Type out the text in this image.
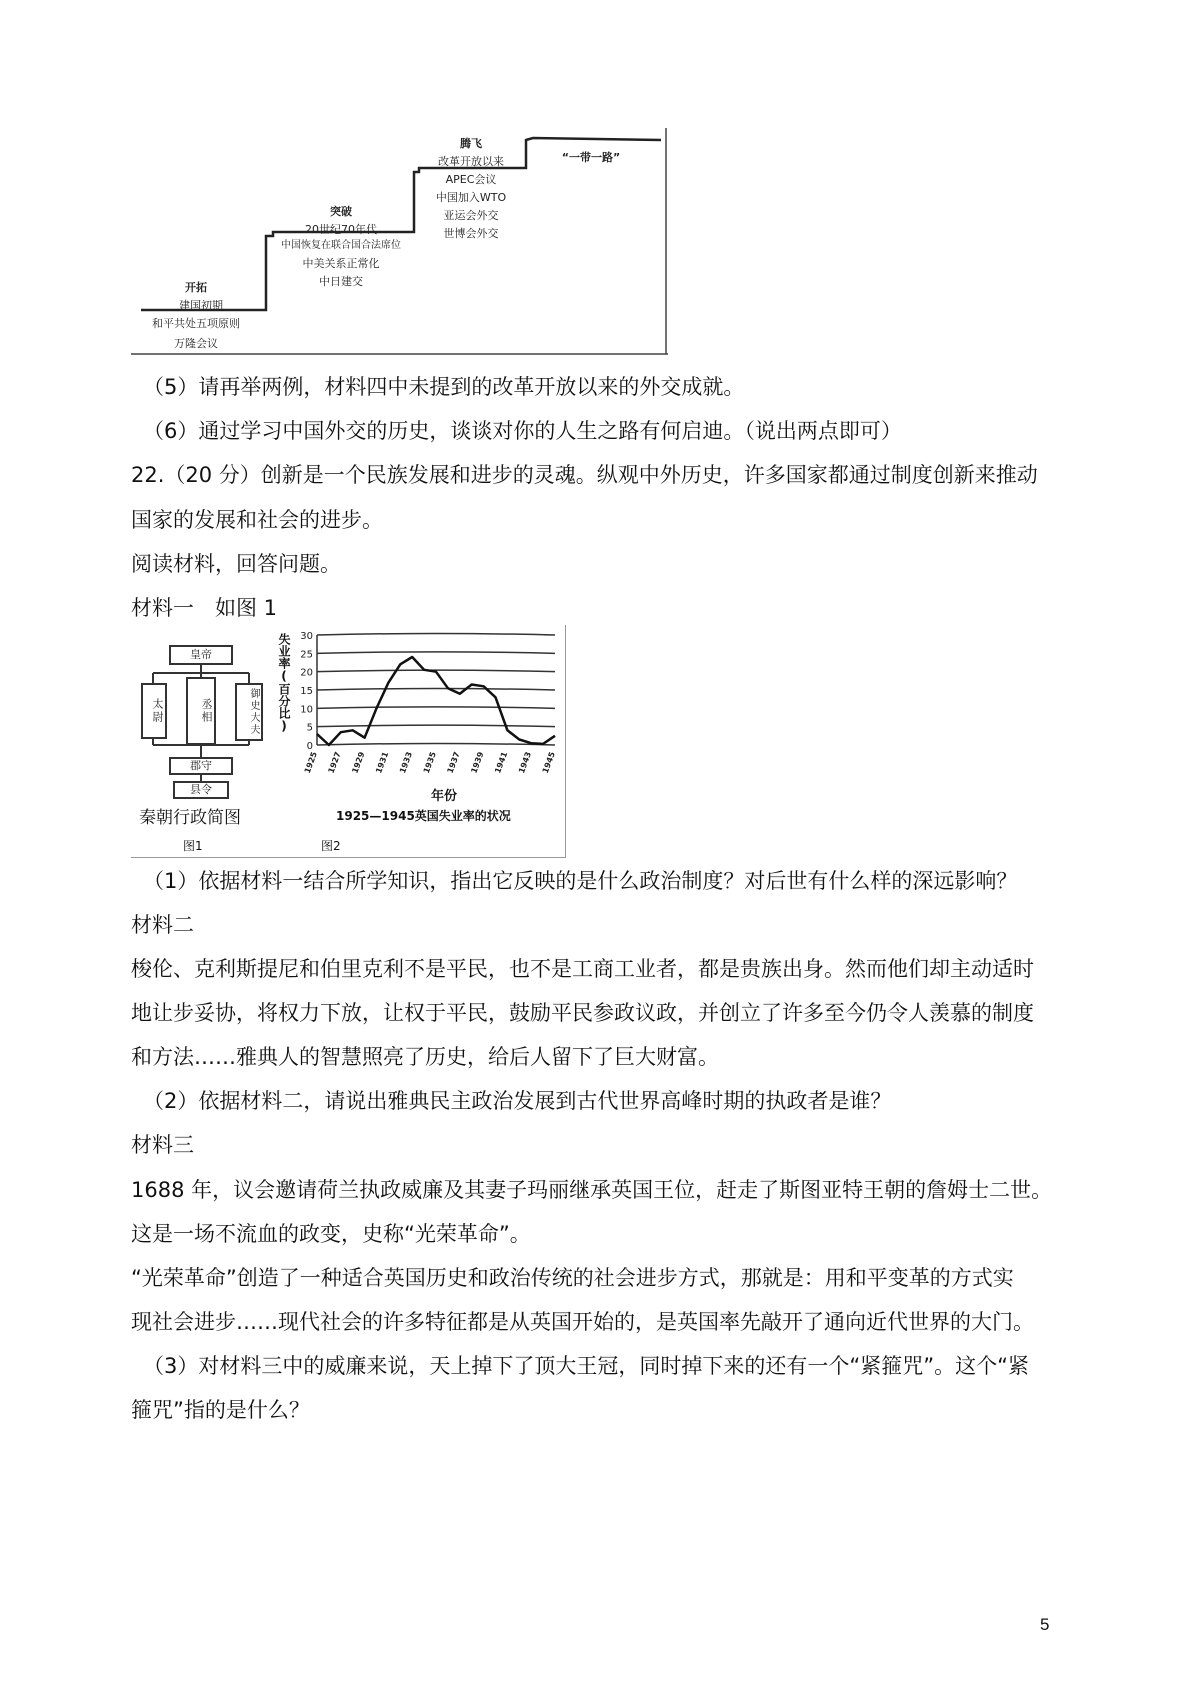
开拓
建国初期
和平共处五项原则
万隆会议
突破
20世纪70年代
中国恢复在联合国合法席位
中美关系正常化
中日建交
腾飞
改革开放以来
APEC会议
中国加入WTO
亚运会外交
世博会外交
“一带一路”
（5）请再举两例，材料四中未提到的改革开放以来的外交成就。
（6）通过学习中国外交的历史，谈谈对你的人生之路有何启迪。（说出两点即可）
22.（20 分）创新是一个民族发展和进步的灵魂。纵观中外历史，许多国家都通过制度创新来推动
国家的发展和社会的进步。
阅读材料，回答问题。
材料一　如图 1
皇帝
太尉	丞相	御史大夫
郡守
县令
秦朝行政简图
图1
0
5
10
15
20
25
30
1925 1927 1929 1931 1933 1935 1937 1939 1941 1943 1945
失业率(百分比)
年份
1925—1945英国失业率的状况
图2
（1）依据材料一结合所学知识，指出它反映的是什么政治制度？对后世有什么样的深远影响？
材料二
梭伦、克利斯提尼和伯里克利不是平民，也不是工商工业者，都是贵族出身。然而他们却主动适时
地让步妥协，将权力下放，让权于平民，鼓励平民参政议政，并创立了许多至今仍令人羡慕的制度
和方法……雅典人的智慧照亮了历史，给后人留下了巨大财富。
（2）依据材料二，请说出雅典民主政治发展到古代世界高峰时期的执政者是谁？
材料三
1688 年，议会邀请荷兰执政威廉及其妻子玛丽继承英国王位，赶走了斯图亚特王朝的詹姆士二世。
这是一场不流血的政变，史称“光荣革命”。
“光荣革命”创造了一种适合英国历史和政治传统的社会进步方式，那就是：用和平变革的方式实
现社会进步……现代社会的许多特征都是从英国开始的，是英国率先敲开了通向近代世界的大门。
（3）对材料三中的威廉来说，天上掉下了顶大王冠，同时掉下来的还有一个“紧箍咒”。这个“紧
箍咒”指的是什么？
5
